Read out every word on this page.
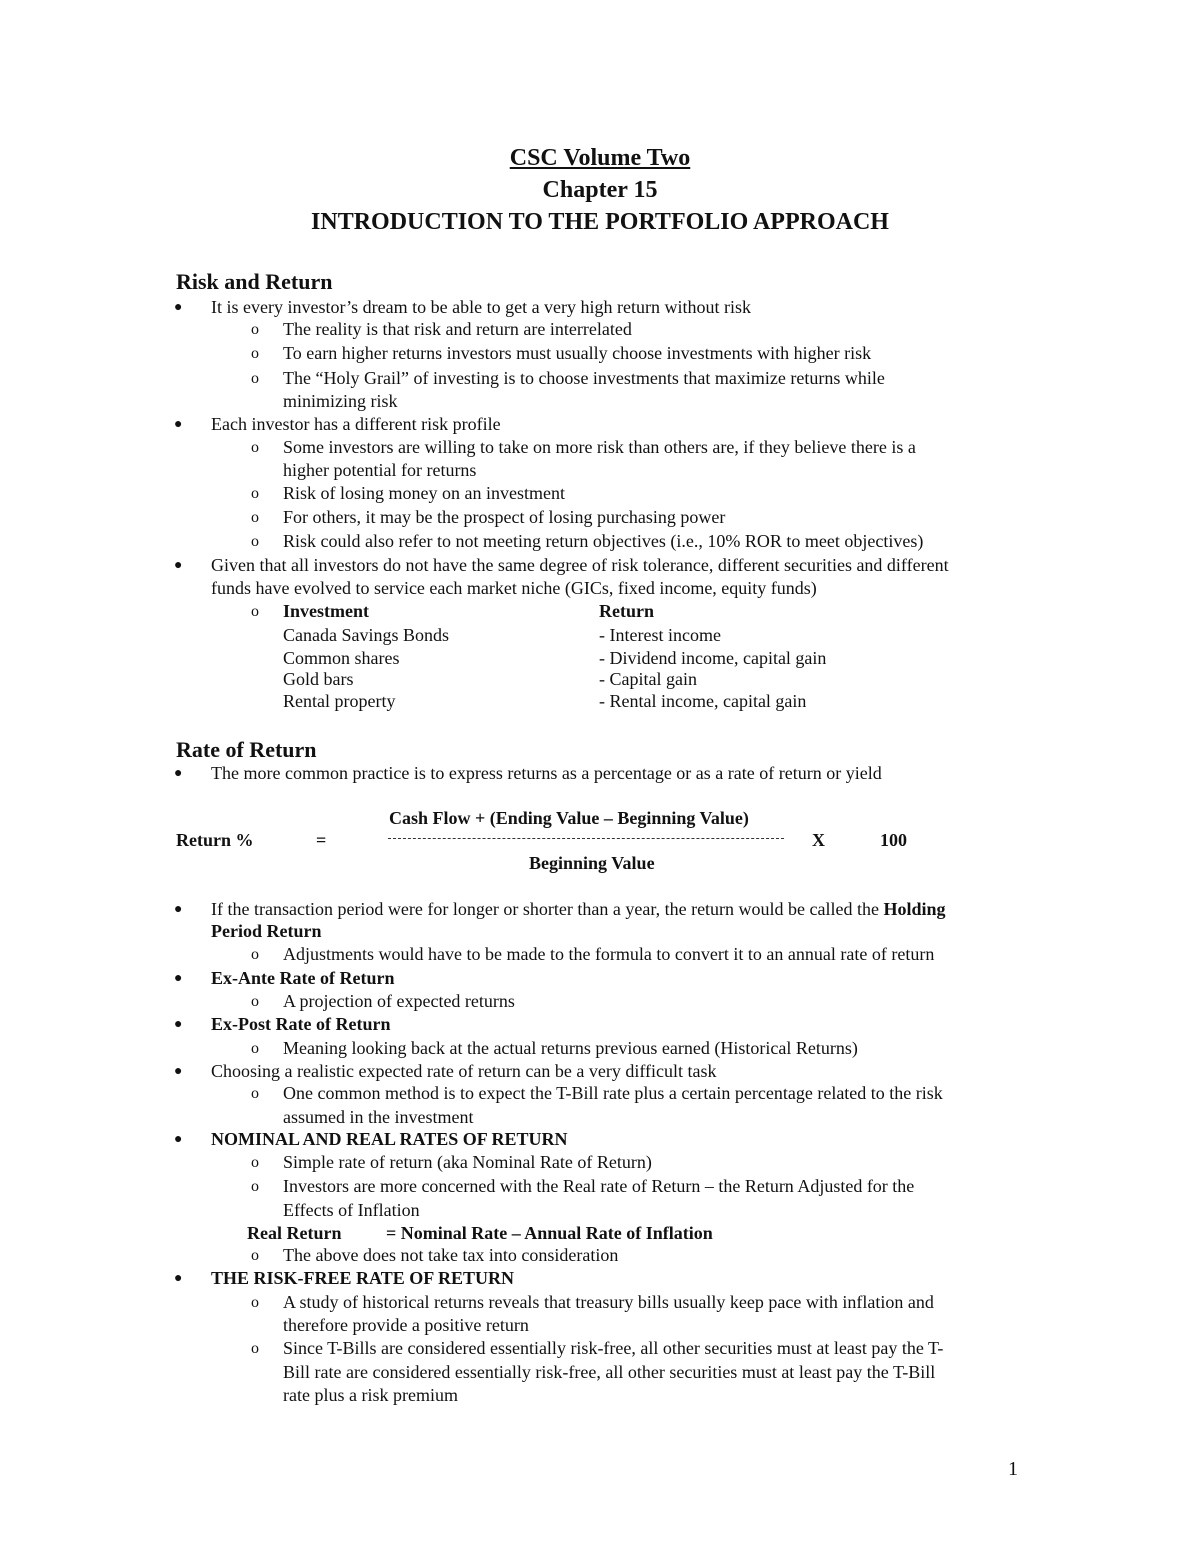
CSC Volume Two
Chapter 15
INTRODUCTION TO THE PORTFOLIO APPROACH
Risk and Return
● It is every investor’s dream to be able to get a very high return without risk
o The reality is that risk and return are interrelated
o To earn higher returns investors must usually choose investments with higher risk
o The “Holy Grail” of investing is to choose investments that maximize returns while
minimizing risk
● Each investor has a different risk profile
o Some investors are willing to take on more risk than others are, if they believe there is a
higher potential for returns
o Risk of losing money on an investment
o For others, it may be the prospect of losing purchasing power
o Risk could also refer to not meeting return objectives (i.e., 10% ROR to meet objectives)
● Given that all investors do not have the same degree of risk tolerance, different securities and different
funds have evolved to service each market niche (GICs, fixed income, equity funds)
o Investment	Return
Canada Savings Bonds	- Interest income
Common shares	- Dividend income, capital gain
Gold bars	- Capital gain
Rental property	- Rental income, capital gain
Rate of Return
● The more common practice is to express returns as a percentage or as a rate of return or yield
Cash Flow + (Ending Value – Beginning Value)
Return %	=	X	100
Beginning Value
● If the transaction period were for longer or shorter than a year, the return would be called the Holding
Period Return
o Adjustments would have to be made to the formula to convert it to an annual rate of return
● Ex-Ante Rate of Return
o A projection of expected returns
● Ex-Post Rate of Return
o Meaning looking back at the actual returns previous earned (Historical Returns)
● Choosing a realistic expected rate of return can be a very difficult task
o One common method is to expect the T-Bill rate plus a certain percentage related to the risk
assumed in the investment
● NOMINAL AND REAL RATES OF RETURN
o Simple rate of return (aka Nominal Rate of Return)
o Investors are more concerned with the Real rate of Return – the Return Adjusted for the
Effects of Inflation
Real Return = Nominal Rate – Annual Rate of Inflation
o The above does not take tax into consideration
● THE RISK-FREE RATE OF RETURN
o A study of historical returns reveals that treasury bills usually keep pace with inflation and
therefore provide a positive return
o Since T-Bills are considered essentially risk-free, all other securities must at least pay the T-
Bill rate are considered essentially risk-free, all other securities must at least pay the T-Bill
rate plus a risk premium
1
